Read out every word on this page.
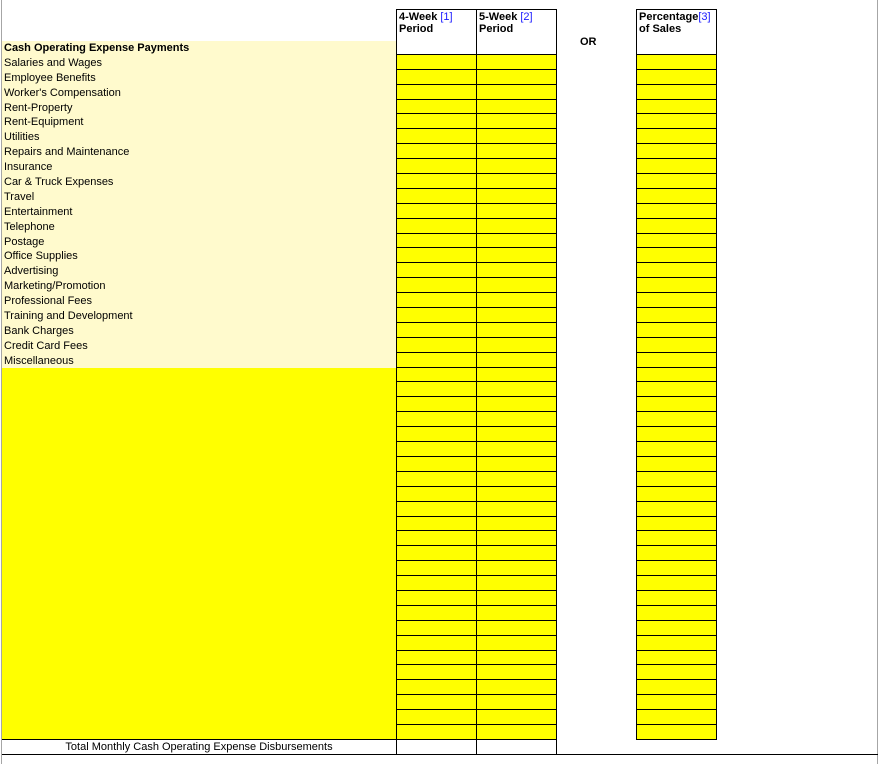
4-Week [1]
Period
5-Week [2]
Period
OR
Percentage[3]
of Sales
Cash Operating Expense Payments
Salaries and Wages
Employee Benefits
Worker's Compensation
Rent-Property
Rent-Equipment
Utilities
Repairs and Maintenance
Insurance
Car & Truck Expenses
Travel
Entertainment
Telephone
Postage
Office Supplies
Advertising
Marketing/Promotion
Professional Fees
Training and Development
Bank Charges
Credit Card Fees
Miscellaneous
Total Monthly Cash Operating Expense Disbursements
